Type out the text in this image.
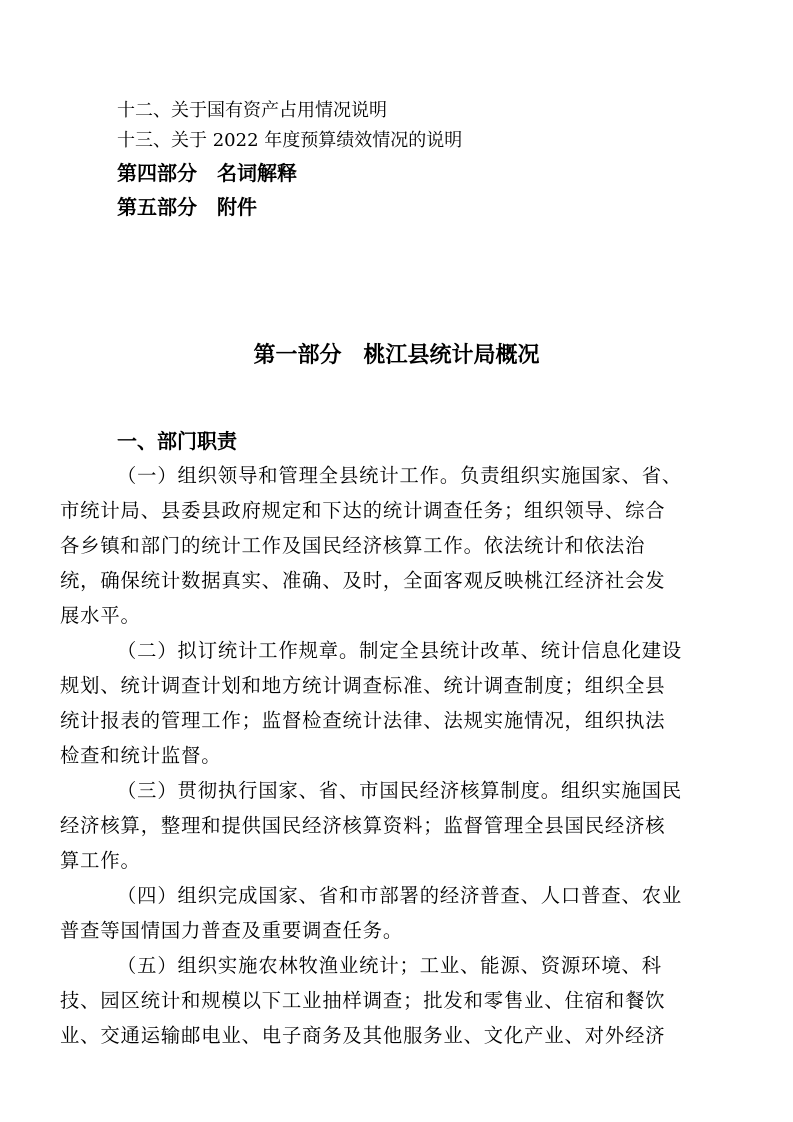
十二、关于国有资产占用情况说明
十三、关于 2022 年度预算绩效情况的说明
第四部分 名词解释
第五部分 附件
第一部分 桃江县统计局概况
一、部门职责

（一）组织领导和管理全县统计工作。负责组织实施国家、省、
市统计局、县委县政府规定和下达的统计调查任务；组织领导、综合
各乡镇和部门的统计工作及国民经济核算工作。依法统计和依法治
统，确保统计数据真实、准确、及时，全面客观反映桃江经济社会发
展水平。

（二）拟订统计工作规章。制定全县统计改革、统计信息化建设
规划、统计调查计划和地方统计调查标准、统计调查制度；组织全县
统计报表的管理工作；监督检查统计法律、法规实施情况，组织执法
检查和统计监督。

（三）贯彻执行国家、省、市国民经济核算制度。组织实施国民
经济核算，整理和提供国民经济核算资料；监督管理全县国民经济核
算工作。

（四）组织完成国家、省和市部署的经济普查、人口普查、农业
普查等国情国力普查及重要调查任务。

（五）组织实施农林牧渔业统计；工业、能源、资源环境、科
技、园区统计和规模以下工业抽样调查；批发和零售业、住宿和餐饮
业、交通运输邮电业、电子商务及其他服务业、文化产业、对外经济
